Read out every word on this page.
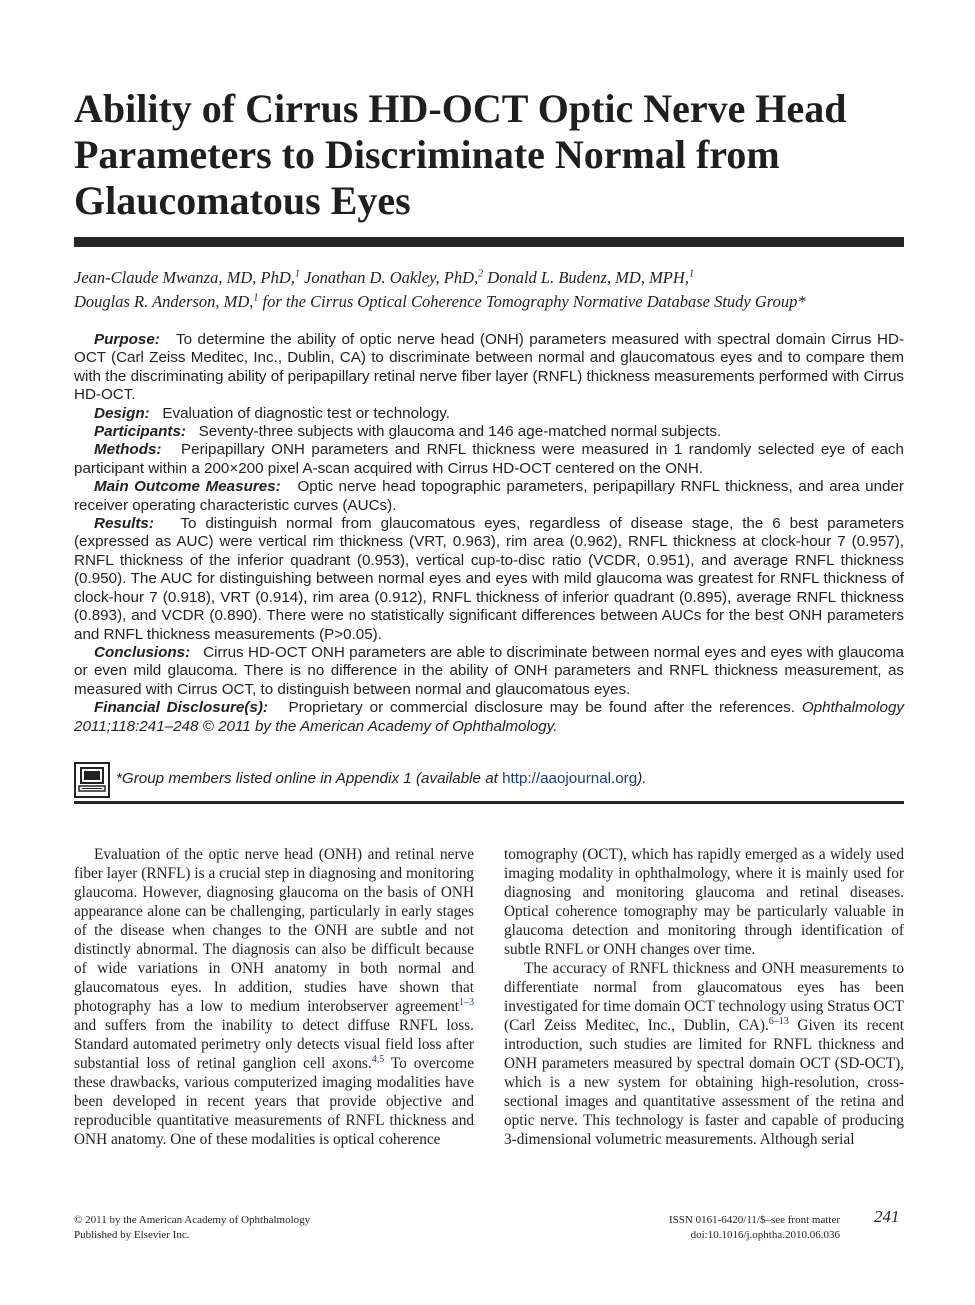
Ability of Cirrus HD-OCT Optic Nerve Head Parameters to Discriminate Normal from Glaucomatous Eyes
Jean-Claude Mwanza, MD, PhD,$^1$ Jonathan D. Oakley, PhD,$^2$ Donald L. Budenz, MD, MPH,$^1$
Douglas R. Anderson, MD,$^1$ for the Cirrus Optical Coherence Tomography Normative Database Study Group*

Purpose: To determine the ability of optic nerve head (ONH) parameters measured with spectral domain Cirrus HD-OCT (Carl Zeiss Meditec, Inc., Dublin, CA) to discriminate between normal and glaucomatous eyes and to compare them with the discriminating ability of peripapillary retinal nerve fiber layer (RNFL) thickness measurements performed with Cirrus HD-OCT.

Design: Evaluation of diagnostic test or technology.

Participants: Seventy-three subjects with glaucoma and 146 age-matched normal subjects.

Methods: Peripapillary ONH parameters and RNFL thickness were measured in 1 randomly selected eye of each participant within a 200×200 pixel A-scan acquired with Cirrus HD-OCT centered on the ONH.

Main Outcome Measures: Optic nerve head topographic parameters, peripapillary RNFL thickness, and area under receiver operating characteristic curves (AUCs).

Results: To distinguish normal from glaucomatous eyes, regardless of disease stage, the 6 best parameters (expressed as AUC) were vertical rim thickness (VRT, 0.963), rim area (0.962), RNFL thickness at clock-hour 7 (0.957), RNFL thickness of the inferior quadrant (0.953), vertical cup-to-disc ratio (VCDR, 0.951), and average RNFL thickness (0.950). The AUC for distinguishing between normal eyes and eyes with mild glaucoma was greatest for RNFL thickness of clock-hour 7 (0.918), VRT (0.914), rim area (0.912), RNFL thickness of inferior quadrant (0.895), average RNFL thickness (0.893), and VCDR (0.890). There were no statistically significant differences between AUCs for the best ONH parameters and RNFL thickness measurements (P>0.05).

Conclusions: Cirrus HD-OCT ONH parameters are able to discriminate between normal eyes and eyes with glaucoma or even mild glaucoma. There is no difference in the ability of ONH parameters and RNFL thickness measurement, as measured with Cirrus OCT, to distinguish between normal and glaucomatous eyes.

Financial Disclosure(s): Proprietary or commercial disclosure may be found after the references. Ophthalmology 2011;118:241–248 © 2011 by the American Academy of Ophthalmology.

*Group members listed online in Appendix 1 (available at http://aaojournal.org).

Evaluation of the optic nerve head (ONH) and retinal nerve fiber layer (RNFL) is a crucial step in diagnosing and monitoring glaucoma. However, diagnosing glaucoma on the basis of ONH appearance alone can be challenging, particularly in early stages of the disease when changes to the ONH are subtle and not distinctly abnormal. The diagnosis can also be difficult because of wide variations in ONH anatomy in both normal and glaucomatous eyes. In addition, studies have shown that photography has a low to medium interobserver agreement$^{1-3}$ and suffers from the inability to detect diffuse RNFL loss. Standard automated perimetry only detects visual field loss after substantial loss of retinal ganglion cell axons.$^{4,5}$ To overcome these drawbacks, various computerized imaging modalities have been developed in recent years that provide objective and reproducible quantitative measurements of RNFL thickness and ONH anatomy. One of these modalities is optical coherence

tomography (OCT), which has rapidly emerged as a widely used imaging modality in ophthalmology, where it is mainly used for diagnosing and monitoring glaucoma and retinal diseases. Optical coherence tomography may be particularly valuable in glaucoma detection and monitoring through identification of subtle RNFL or ONH changes over time.

The accuracy of RNFL thickness and ONH measurements to differentiate normal from glaucomatous eyes has been investigated for time domain OCT technology using Stratus OCT (Carl Zeiss Meditec, Inc., Dublin, CA).$^{6-13}$ Given its recent introduction, such studies are limited for RNFL thickness and ONH parameters measured by spectral domain OCT (SD-OCT), which is a new system for obtaining high-resolution, cross-sectional images and quantitative assessment of the retina and optic nerve. This technology is faster and capable of producing 3-dimensional volumetric measurements. Although serial

© 2011 by the American Academy of Ophthalmology
Published by Elsevier Inc.
ISSN 0161-6420/11/$–see front matter
doi:10.1016/j.ophtha.2010.06.036
241
